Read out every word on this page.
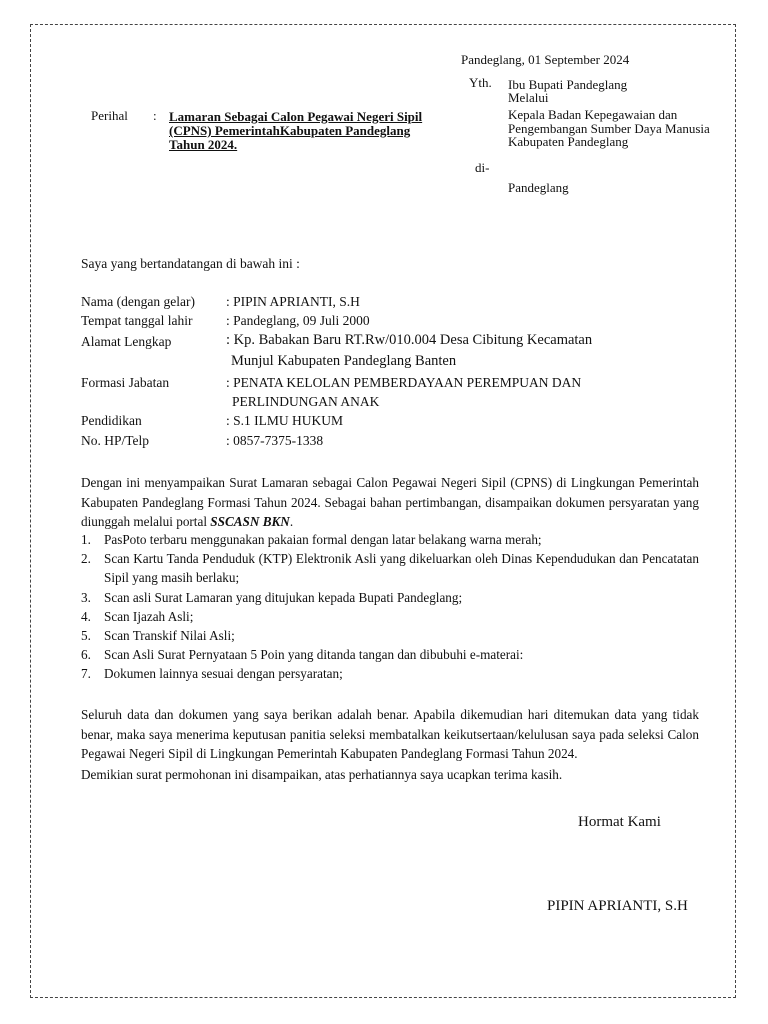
Pandeglang, 01 September 2024
Yth. Ibu Bupati Pandeglang
Melalui
Kepala Badan Kepegawaian dan
Pengembangan Sumber Daya Manusia
Kabupaten Pandeglang
di-
Pandeglang
Perihal : Lamaran Sebagai Calon Pegawai Negeri Sipil
(CPNS) PemerintahKabupaten Pandeglang
Tahun 2024.
Saya yang bertandatangan di bawah ini :
Nama (dengan gelar) : PIPIN APRIANTI, S.H
Tempat tanggal lahir : Pandeglang, 09 Juli 2000
Alamat Lengkap	: Kp. Babakan Baru RT.Rw/010.004 Desa Cibitung Kecamatan
Munjul Kabupaten Pandeglang Banten
Formasi Jabatan	: PENATA KELOLAN PEMBERDAYAAN PEREMPUAN DAN
PERLINDUNGAN ANAK
Pendidikan	: S.1 ILMU HUKUM
No. HP/Telp	: 0857-7375-1338
Dengan ini menyampaikan Surat Lamaran sebagai Calon Pegawai Negeri Sipil (CPNS) di Lingkungan Pemerintah Kabupaten Pandeglang Formasi Tahun 2024. Sebagai bahan pertimbangan, disampaikan dokumen persyaratan yang diunggah melalui portal SSCASN BKN.
1. PasPoto terbaru menggunakan pakaian formal dengan latar belakang warna merah;
2. Scan Kartu Tanda Penduduk (KTP) Elektronik Asli yang dikeluarkan oleh Dinas Kependudukan dan Pencatatan Sipil yang masih berlaku;
3. Scan asli Surat Lamaran yang ditujukan kepada Bupati Pandeglang;
4. Scan Ijazah Asli;
5. Scan Transkif Nilai Asli;
6. Scan Asli Surat Pernyataan 5 Poin yang ditanda tangan dan dibubuhi e-materai:
7. Dokumen lainnya sesuai dengan persyaratan;
Seluruh data dan dokumen yang saya berikan adalah benar. Apabila dikemudian hari ditemukan data yang tidak benar, maka saya menerima keputusan panitia seleksi membatalkan keikutsertaan/kelulusan saya pada seleksi Calon Pegawai Negeri Sipil di Lingkungan Pemerintah Kabupaten Pandeglang Formasi Tahun 2024.
Demikian surat permohonan ini disampaikan, atas perhatiannya saya ucapkan terima kasih.
Hormat Kami
PIPIN APRIANTI, S.H
